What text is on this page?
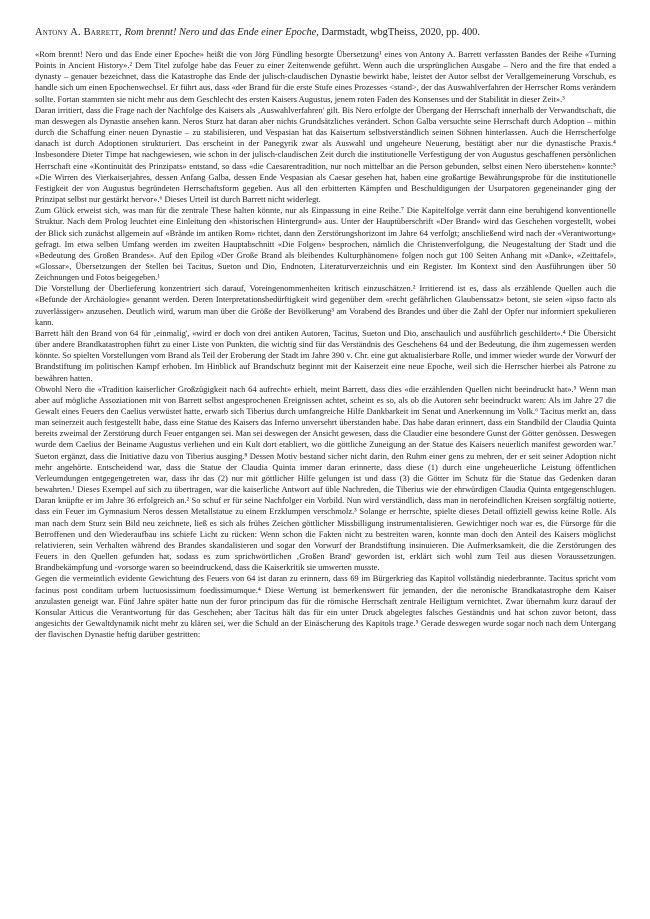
Antony A. Barrett, Rom brennt! Nero und das Ende einer Epoche, Darmstadt, wbgTheiss, 2020, pp. 400.

«Rom brennt! Nero und das Ende einer Epoche» heißt die von Jörg Fündling besorgte Übersetzung¹ eines von Antony A. Barrett verfassten Bandes der Reihe «Turning Points in Ancient History».² Dem Titel zufolge habe das Feuer zu einer Zeitenwende geführt. Wenn auch die ursprünglichen Ausgabe – Nero and the fire that ended a dynasty – genauer bezeichnet, dass die Katastrophe das Ende der julisch-claudischen Dynastie bewirkt habe, leistet der Autor selbst der Verallgemeinerung Vorschub, es handle sich um einen Epochenwechsel. Er führt aus, dass «der Brand für die erste Stufe eines Prozesses <stand>, der das Auswahlverfahren der Herrscher Roms verändern sollte. Fortan stammten sie nicht mehr aus dem Geschlecht des ersten Kaisers Augustus, jenem roten Faden des Konsenses und der Stabilität in dieser Zeit».³

Daran irritiert, dass die Frage nach der Nachfolge des Kaisers als ‚Auswahlverfahren' gilt. Bis Nero erfolgte der Übergang der Herrschaft innerhalb der Verwandtschaft, die man deswegen als Dynastie ansehen kann. Neros Sturz hat daran aber nichts Grundsätzliches verändert. Schon Galba versuchte seine Herrschaft durch Adoption – mithin durch die Schaffung einer neuen Dynastie – zu stabilisieren, und Vespasian hat das Kaisertum selbstverständlich seinen Söhnen hinterlassen. Auch die Herrscherfolge danach ist durch Adoptionen strukturiert. Das erscheint in der Panegyrik zwar als Auswahl und ungeheure Neuerung, bestätigt aber nur die dynastische Praxis.⁴ Insbesondere Dieter Timpe hat nachgewiesen, wie schon in der julisch-claudischen Zeit durch die institutionelle Verfestigung der von Augustus geschaffenen persönlichen Herrschaft eine «Kontinuität des Prinzipats» entstand, so dass «die Caesarentradition, nur noch mittelbar an die Person gebunden, selbst einen Nero überstehen» konnte:⁵ «Die Wirren des Vierkaiserjahres, dessen Anfang Galba, dessen Ende Vespasian als Caesar gesehen hat, haben eine großartige Bewährungsprobe für die institutionelle Festigkeit der von Augustus begründeten Herrschaftsform gegeben. Aus all den erbitterten Kämpfen und Beschuldigungen der Usurpatoren gegeneinander ging der Prinzipat selbst nur gestärkt hervor».⁶ Dieses Urteil ist durch Barrett nicht widerlegt.

Zum Glück erweist sich, was man für die zentrale These halten könnte, nur als Einpassung in eine Reihe.⁷ Die Kapitelfolge verrät dann eine beruhigend konventionelle Struktur. Nach dem Prolog leuchtet eine Einleitung den «historischen Hintergrund» aus. Unter der Hauptüberschrift «Der Brand» wird das Geschehen vorgestellt, wobei der Blick sich zunächst allgemein auf «Brände im antiken Rom» richtet, dann den Zerstörungshorizont im Jahre 64 verfolgt; anschließend wird nach der «Verantwortung» gefragt. Im etwa selben Umfang werden im zweiten Hauptabschnitt «Die Folgen» besprochen, nämlich die Christenverfolgung, die Neugestaltung der Stadt und die «Bedeutung des Großen Brandes». Auf den Epilog «Der Große Brand als bleibendes Kulturphänomen» folgen noch gut 100 Seiten Anhang mit «Dank», «Zeittafel», «Glossar», Übersetzungen der Stellen bei Tacitus, Sueton und Dio, Endnoten, Literaturverzeichnis und ein Register. Im Kontext sind den Ausführungen über 50 Zeichnungen und Fotos beigegeben.¹

Die Vorstellung der Überlieferung konzentriert sich darauf, Voreingenommenheiten kritisch einzuschätzen.² Irritierend ist es, dass als erzählende Quellen auch die «Befunde der Archäologie» genannt werden. Deren Interpretationsbedürftigkeit wird gegenüber dem «recht gefährlichen Glaubenssatz» betont, sie seien «ipso facto als zuverlässiger» anzusehen. Deutlich wird, warum man über die Größe der Bevölkerung³ am Vorabend des Brandes und über die Zahl der Opfer nur informiert spekulieren kann.

Barrett hält den Brand von 64 für ‚einmalig', «wird er doch von drei antiken Autoren, Tacitus, Sueton und Dio, anschaulich und ausführlich geschildert».⁴ Die Übersicht über andere Brandkatastrophen führt zu einer Liste von Punkten, die wichtig sind für das Verständnis des Geschehens 64 und der Bedeutung, die ihm zugemessen werden könnte. So spielten Vorstellungen vom Brand als Teil der Eroberung der Stadt im Jahre 390 v. Chr. eine gut aktualisierbare Rolle, und immer wieder wurde der Vorwurf der Brandstiftung im politischen Kampf erhoben. Im Hinblick auf Brandschutz beginnt mit der Kaiserzeit eine neue Epoche, weil sich die Herrscher hierbei als Patrone zu bewähren hatten.

Obwohl Nero die «Tradition kaiserlicher Großzügigkeit nach 64 aufrecht» erhielt, meint Barrett, dass dies «die erzählenden Quellen nicht beeindruckt hat».⁵ Wenn man aber auf mögliche Assoziationen mit von Barrett selbst angesprochenen Ereignissen achtet, scheint es so, als ob die Autoren sehr beeindruckt waren: Als im Jahre 27 die Gewalt eines Feuers den Caelius verwüstet hatte, erwarb sich Tiberius durch umfangreiche Hilfe Dankbarkeit im Senat und Anerkennung im Volk.⁶ Tacitus merkt an, dass man seinerzeit auch festgestellt habe, dass eine Statue des Kaisers das Inferno unversehrt überstanden habe. Das habe daran erinnert, dass ein Standbild der Claudia Quinta bereits zweimal der Zerstörung durch Feuer entgangen sei. Man sei deswegen der Ansicht gewesen, dass die Claudier eine besondere Gunst der Götter genössen. Deswegen wurde dem Caelius der Beiname Augustus verliehen und ein Kult dort etabliert, wo die göttliche Zuneigung an der Statue des Kaisers neuerlich manifest geworden war.⁷ Sueton ergänzt, dass die Initiative dazu von Tiberius ausging.⁸ Dessen Motiv bestand sicher nicht darin, den Ruhm einer gens zu mehren, der er seit seiner Adoption nicht mehr angehörte. Entscheidend war, dass die Statue der Claudia Quinta immer daran erinnerte, dass diese (1) durch eine ungeheuerliche Leistung öffentlichen Verleumdungen entgegengetreten war, dass ihr das (2) nur mit göttlicher Hilfe gelungen ist und dass (3) die Götter im Schutz für die Statue das Gedenken daran bewahrten.¹ Dieses Exempel auf sich zu übertragen, war die kaiserliche Antwort auf üble Nachreden, die Tiberius wie der ehrwürdigen Claudia Quinta entgegenschlugen. Daran knüpfte er im Jahre 36 erfolgreich an.² So schuf er für seine Nachfolger ein Vorbild. Nun wird verständlich, dass man in nerofeindlichen Kreisen sorgfältig notierte, dass ein Feuer im Gymnasium Neros dessen Metallstatue zu einem Erzklumpen verschmolz.³ Solange er herrschte, spielte dieses Detail offiziell gewiss keine Rolle. Als man nach dem Sturz sein Bild neu zeichnete, ließ es sich als frühes Zeichen göttlicher Missbilligung instrumentalisieren. Gewichtiger noch war es, die Fürsorge für die Betroffenen und den Wiederaufbau ins schiefe Licht zu rücken: Wenn schon die Fakten nicht zu bestreiten waren, konnte man doch den Anteil des Kaisers möglichst relativieren, sein Verhalten während des Brandes skandalisieren und sogar den Vorwurf der Brandstiftung insinuieren. Die Aufmerksamkeit, die die Zerstörungen des Feuers in den Quellen gefunden hat, sodass es zum sprichwörtlichen ‚Großen Brand' geworden ist, erklärt sich wohl zum Teil aus diesen Voraussetzungen. Brandbekämpfung und -vorsorge waren so beeindruckend, dass die Kaiserkritik sie umwerten musste.

Gegen die vermeintlich evidente Gewichtung des Feuers von 64 ist daran zu erinnern, dass 69 im Bürgerkrieg das Kapitol vollständig niederbrannte. Tacitus spricht vom facinus post conditam urbem luctuosissimum foedissimumque.⁴ Diese Wertung ist bemerkenswert für jemanden, der die neronische Brandkatastrophe dem Kaiser anzulasten geneigt war. Fünf Jahre später hatte nun der furor principum das für die römische Herrschaft zentrale Heiligtum vernichtet. Zwar übernahm kurz darauf der Konsular Atticus die Verantwortung für das Geschehen; aber Tacitus hält das für ein unter Druck abgelegtes falsches Geständnis und hat schon zuvor betont, dass angesichts der Gewaltdynamik nicht mehr zu klären sei, wer die Schuld an der Einäscherung des Kapitols trage.⁵ Gerade deswegen wurde sogar noch nach dem Untergang der flavischen Dynastie heftig darüber gestritten:
